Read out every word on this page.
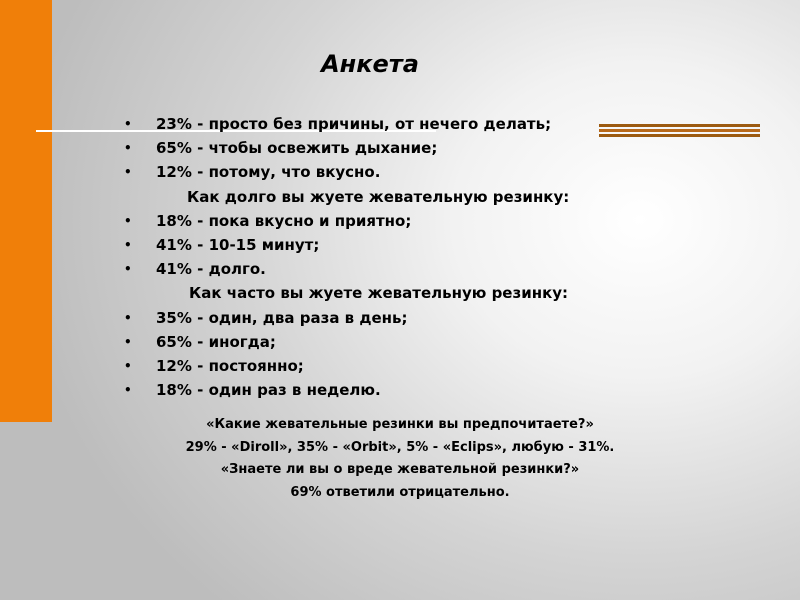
Анкета
• 23% - просто без причины, от нечего делать;
• 65% - чтобы освежить дыхание;
• 12% - потому, что вкусно.
Как долго вы жуете жевательную резинку:
• 18% - пока вкусно и приятно;
• 41% - 10-15 минут;
• 41% - долго.
Как часто вы жуете жевательную резинку:
• 35% - один, два раза в день;
• 65% - иногда;
• 12% - постоянно;
• 18% - один раз в неделю.
«Какие жевательные резинки вы предпочитаете?»
29% - «Diroll», 35% - «Orbit», 5% - «Eclips», любую - 31%.
«Знаете ли вы о вреде жевательной резинки?»
69% ответили отрицательно.
